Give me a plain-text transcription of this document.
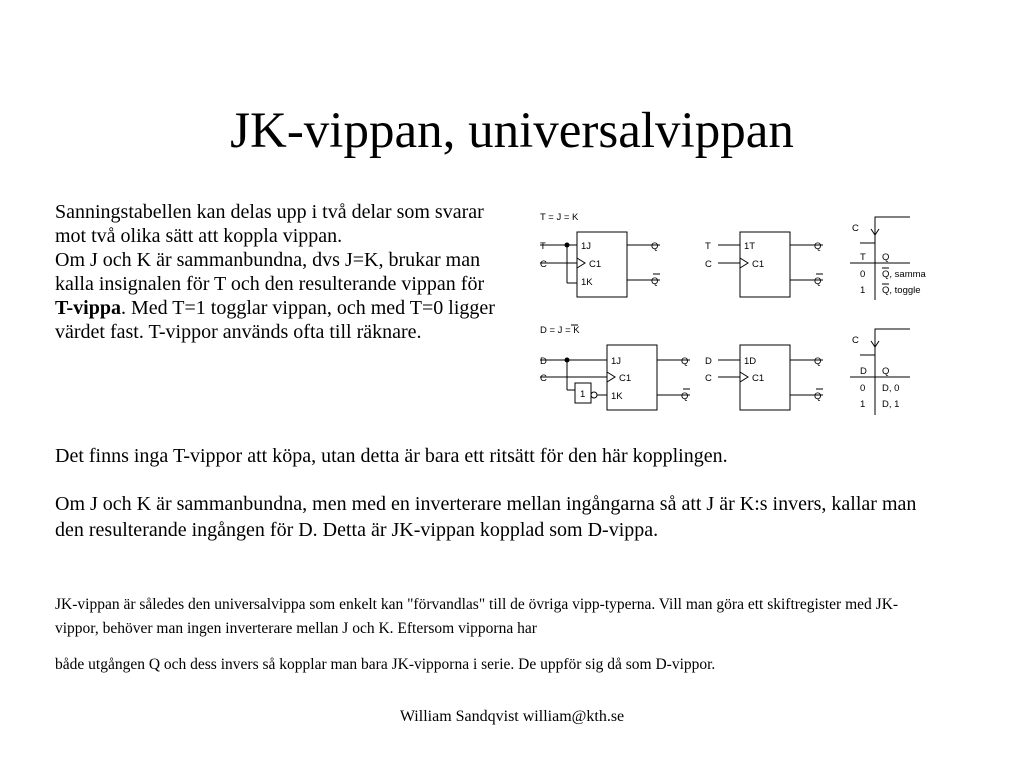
JK-vippan, universalvippan

Sanningstabellen kan delas upp i två delar som svarar mot två olika sätt att koppla vippan.
Om J och K är sammanbundna, dvs J=K, brukar man kalla insignalen för T och den resulterande vippan för T-vippa. Med T=1 togglar vippan, och med T=0 ligger värdet fast. T-vippor används ofta till räknare.

Det finns inga T-vippor att köpa, utan detta är bara ett ritsätt för den här kopplingen.

Om J och K är sammanbundna, men med en inverterare mellan ingångarna så att J är K:s invers, kallar man den resulterande ingången för D. Detta är JK-vippan kopplad som D-vippa.

JK-vippan är således den universalvippa som enkelt kan "förvandlas" till de övriga vipp-typerna. Vill man göra ett skiftregister med JK-vippor, behöver man ingen inverterare mellan J och K. Eftersom vipporna har
både utgången Q och dess invers så kopplar man bara JK-vipporna i serie. De uppför sig då som D-vippor.

William Sandqvist william@kth.se
T = J = K
T
C
1J
C1
1K
Q
Q
T
C
1T
C1
Q
Q
D = J = K
D
C
1
1J
C1
1K
Q
Q
D
C
1D
C1
Q
Q
C
T Q
0 Q, samma
1 Q, toggle
C
D Q
0 D, 0
1 D, 1
